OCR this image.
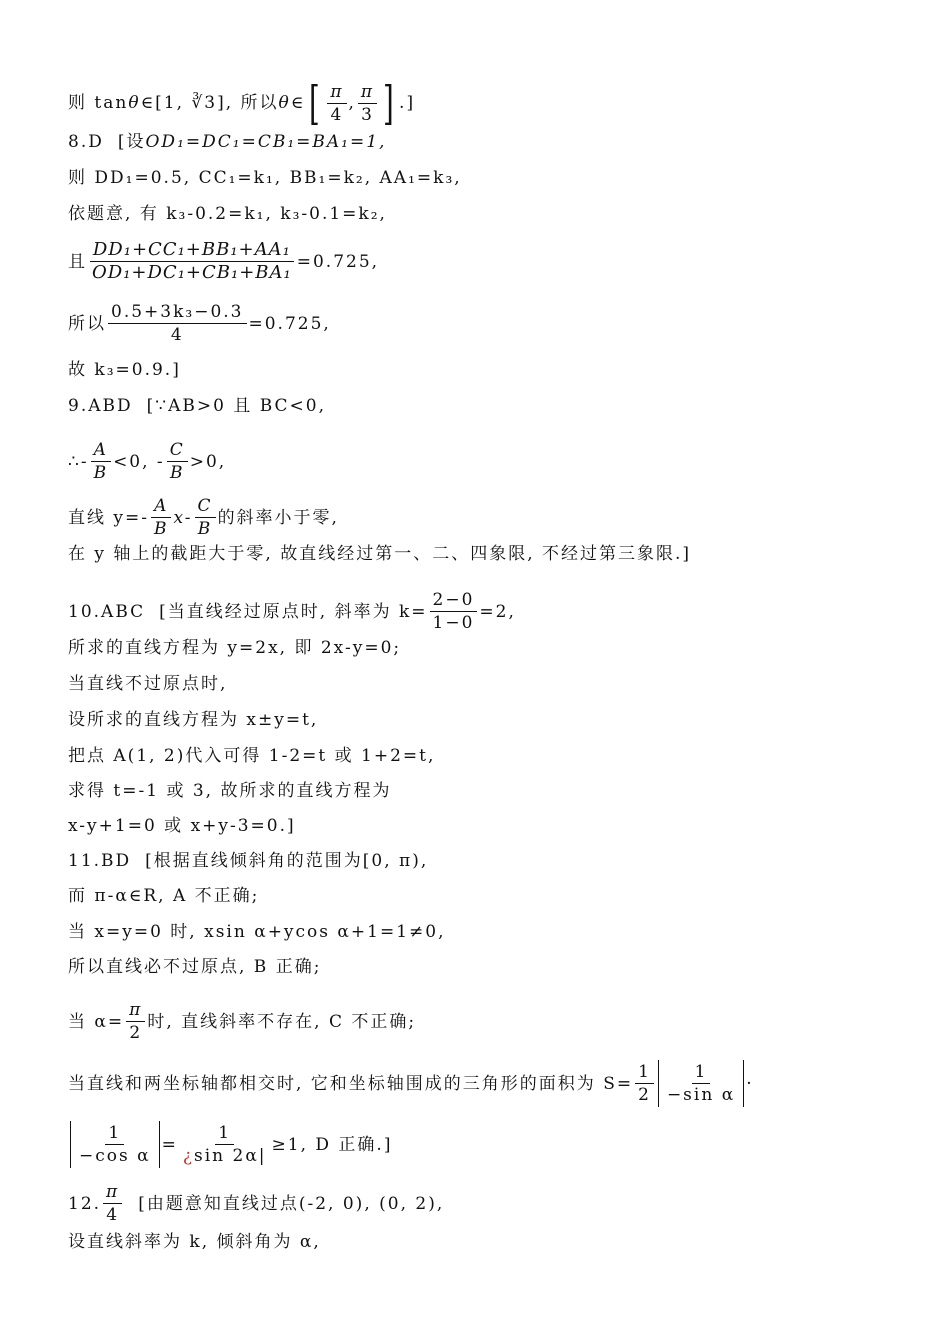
则 tan θ ∈[1, ∛3], 所以 θ ∈ [ $\frac{\pi}{4}$ , $\frac{\pi}{3}$ ] .]
8.D [设 OD₁=DC₁=CB₁=BA₁=1,
则 DD₁=0.5, CC₁=k₁, BB₁=k₂, AA₁=k₃,
依题意, 有 k₃-0.2=k₁, k₃-0.1=k₂,
且 $\frac{\text{DD₁+CC₁+BB₁+AA₁}}{\text{OD₁+DC₁+CB₁+BA₁}} =0.725$,
所以 $\frac{\text{0.5+3k₃−0.3}}{4} =0.725$,
故 k₃=0.9.]
9.ABD [∵AB>0 且 BC<0,
∴- $\frac{A}{B} <0$, - $\frac{C}{B} >0$,
直线 $y=- \frac{A}{B} x- \frac{C}{B}$ 的斜率小于零,
在 y 轴上的截距大于零, 故直线经过第一、二、四象限, 不经过第三象限.]
10.ABC [当直线经过原点时, 斜率为 $k= \frac{2-0}{1-0} =2$,
所求的直线方程为 y=2x, 即 2x-y=0;
当直线不过原点时,
设所求的直线方程为 x±y=t,
把点 A(1, 2)代入可得 1-2=t 或 1+2=t,
求得 t=-1 或 3, 故所求的直线方程为
x-y+1=0 或 x+y-3=0.]
11.BD [根据直线倾斜角的范围为[0, π),
而 π-α∈R, A 不正确;
当 x=y=0 时, xsin α+ycos α+1=1≠0,
所以直线必不过原点, B 正确;
当 $\alpha= \frac{\pi}{2}$ 时, 直线斜率不存在, C 不正确;
当直线和两坐标轴都相交时, 它和坐标轴围成的三角形的面积为 $S= \frac{1}{2} \frac{1}{\text{−sin α}}$ ·
$\frac{1}{\text{−cos α}} = \frac{1}{¿\sin 2\alpha|} \ge 1$, D 正确.]
12. $\frac{\pi}{4}$ [由题意知直线过点(-2, 0), (0, 2),
设直线斜率为 k, 倾斜角为 α,
